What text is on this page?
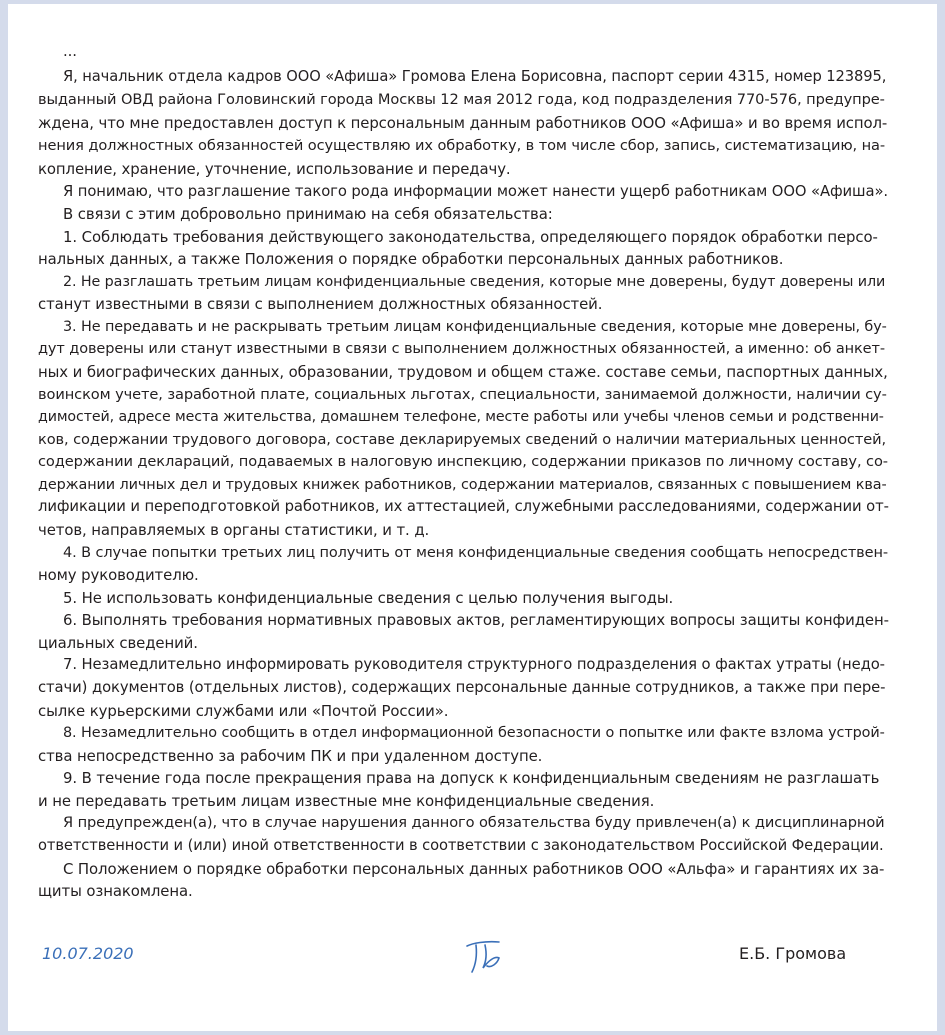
...
Я, начальник отдела кадров ООО «Афиша» Громова Елена Борисовна, паспорт серии 4315, номер 123895,
выданный ОВД района Головинский города Москвы 12 мая 2012 года, код подразделения 770-576, предупре-
ждена, что мне предоставлен доступ к персональным данным работников ООО «Афиша» и во время испол-
нения должностных обязанностей осуществляю их обработку, в том числе сбор, запись, систематизацию, на-
копление, хранение, уточнение, использование и передачу.
Я понимаю, что разглашение такого рода информации может нанести ущерб работникам ООО «Афиша».
В связи с этим добровольно принимаю на себя обязательства:
1. Соблюдать требования действующего законодательства, определяющего порядок обработки персо-
нальных данных, а также Положения о порядке обработки персональных данных работников.
2. Не разглашать третьим лицам конфиденциальные сведения, которые мне доверены, будут доверены или
станут известными в связи с выполнением должностных обязанностей.
3. Не передавать и не раскрывать третьим лицам конфиденциальные сведения, которые мне доверены, бу-
дут доверены или станут известными в связи с выполнением должностных обязанностей, а именно: об анкет-
ных и биографических данных, образовании, трудовом и общем стаже. составе семьи, паспортных данных,
воинском учете, заработной плате, социальных льготах, специальности, занимаемой должности, наличии су-
димостей, адресе места жительства, домашнем телефоне, месте работы или учебы членов семьи и родственни-
ков, содержании трудового договора, составе декларируемых сведений о наличии материальных ценностей,
содержании деклараций, подаваемых в налоговую инспекцию, содержании приказов по личному составу, со-
держании личных дел и трудовых книжек работников, содержании материалов, связанных с повышением ква-
лификации и переподготовкой работников, их аттестацией, служебными расследованиями, содержании от-
четов, направляемых в органы статистики, и т. д.
4. В случае попытки третьих лиц получить от меня конфиденциальные сведения сообщать непосредствен-
ному руководителю.
5. Не использовать конфиденциальные сведения с целью получения выгоды.
6. Выполнять требования нормативных правовых актов, регламентирующих вопросы защиты конфиден-
циальных сведений.
7. Незамедлительно информировать руководителя структурного подразделения о фактах утраты (недо-
стачи) документов (отдельных листов), содержащих персональные данные сотрудников, а также при пере-
сылке курьерскими службами или «Почтой России».
8. Незамедлительно сообщить в отдел информационной безопасности о попытке или факте взлома устрой-
ства непосредственно за рабочим ПК и при удаленном доступе.
9. В течение года после прекращения права на допуск к конфиденциальным сведениям не разглашать
и не передавать третьим лицам известные мне конфиденциальные сведения.
Я предупрежден(а), что в случае нарушения данного обязательства буду привлечен(а) к дисциплинарной
ответственности и (или) иной ответственности в соответствии с законодательством Российской Федерации.
С Положением о порядке обработки персональных данных работников ООО «Альфа» и гарантиях их за-
щиты ознакомлена.
10.07.2020	Е.Б. Громова
